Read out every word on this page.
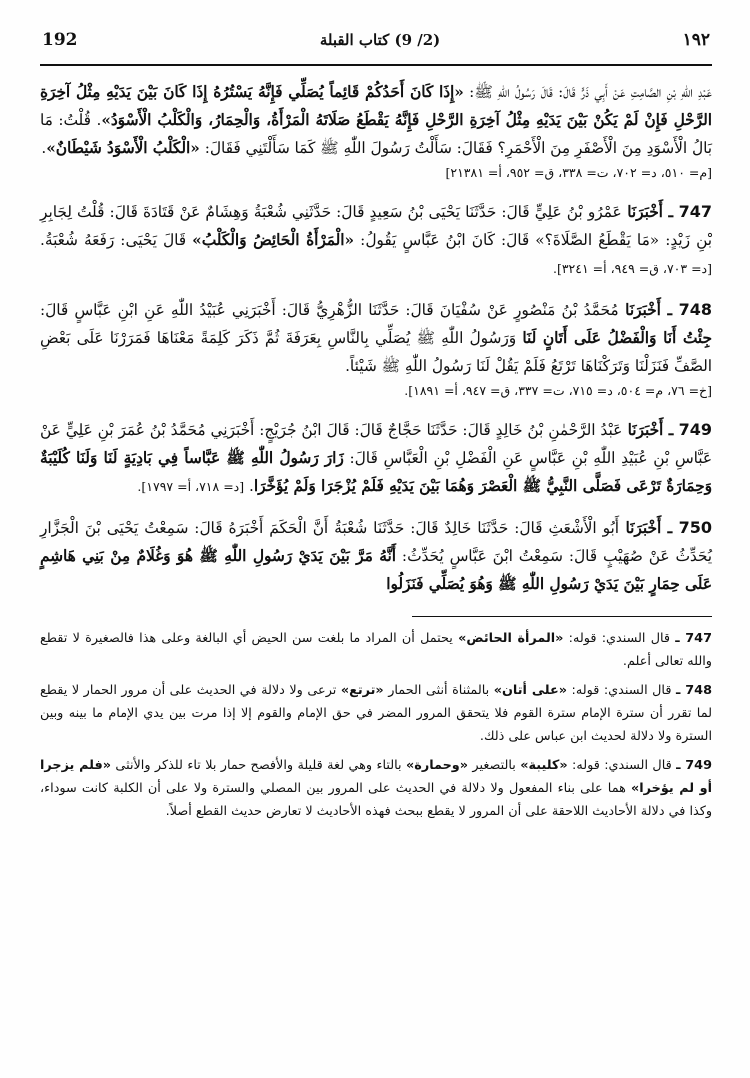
192	(2/ 9) كتاب القبلة	١٩٢

عَبْدِ اللّٰهِ بْنِ الصَّامِتِ عَنْ أَبِي ذَرٍّ قَالَ: قَالَ رَسُولُ اللّٰهِ ﷺ: «إِذَا كَانَ أَحَدُكُمْ قَائِماً يُصَلِّي فَإِنَّهُ يَسْتُرُهُ إِذَا كَانَ بَيْنَ يَدَيْهِ مِثْلُ آخِرَةِ الرَّحْلِ فَإِنْ لَمْ يَكُنْ بَيْنَ يَدَيْهِ مِثْلُ آخِرَةِ الرَّحْلِ فَإِنَّهُ يَقْطَعُ صَلَاتَهُ الْمَرْأَةُ، وَالْحِمَارُ، وَالْكَلْبُ الْأَسْوَدُ». قُلْتُ: مَا بَالُ الْأَسْوَدِ مِنَ الْأَصْفَرِ مِنَ الْأَحْمَرِ؟ فَقَالَ: سَأَلْتُ رَسُولَ اللّٰهِ ﷺ كَمَا سَأَلْتَنِي فَقَالَ: «الْكَلْبُ الْأَسْوَدُ شَيْطَانٌ».

[م= ٥١٠، د= ٧٠٢، ت= ٣٣٨، ق= ٩٥٢، أ= ٢١٣٨١]

747 ـ أَخْبَرَنَا عَمْرُو بْنُ عَلِيٍّ قَالَ: حَدَّثَنَا يَحْيَى بْنُ سَعِيدٍ قَالَ: حَدَّثَنِي شُعْبَةُ وَهِشَامٌ عَنْ قَتَادَةَ قَالَ: قُلْتُ لِجَابِرِ بْنِ زَيْدٍ: «مَا يَقْطَعُ الصَّلَاةَ؟» قَالَ: كَانَ ابْنُ عَبَّاسٍ يَقُولُ: «الْمَرْأَةُ الْحَائِضُ وَالْكَلْبُ» قَالَ يَحْيَى: رَفَعَهُ شُعْبَةُ. [د= ٧٠٣، ق= ٩٤٩، أ= ٣٢٤١].

748 ـ أَخْبَرَنَا مُحَمَّدُ بْنُ مَنْصُورٍ عَنْ سُفْيَانَ قَالَ: حَدَّثَنَا الزُّهْرِيُّ قَالَ: أَخْبَرَنِي عُبَيْدُ اللّٰهِ عَنِ ابْنِ عَبَّاسٍ قَالَ: جِئْتُ أَنَا وَالْفَضْلُ عَلَى أَتَانٍ لَنَا وَرَسُولُ اللّٰهِ ﷺ يُصَلِّي بِالنَّاسِ بِعَرَفَةَ ثُمَّ ذَكَرَ كَلِمَةً مَعْنَاهَا فَمَرَرْنَا عَلَى بَعْضِ الصَّفِّ فَنَزَلْنَا وَتَرَكْنَاهَا تَرْتَعُ فَلَمْ يَقُلْ لَنَا رَسُولُ اللّٰهِ ﷺ شَيْئاً.

[خ= ٧٦، م= ٥٠٤، د= ٧١٥، ت= ٣٣٧، ق= ٩٤٧، أ= ١٨٩١].

749 ـ أَخْبَرَنَا عَبْدُ الرَّحْمٰنِ بْنُ خَالِدٍ قَالَ: حَدَّثَنَا حَجَّاجٌ قَالَ: قَالَ ابْنُ جُرَيْجٍ: أَخْبَرَنِي مُحَمَّدُ بْنُ عُمَرَ بْنِ عَلِيٍّ عَنْ عَبَّاسِ بْنِ عُبَيْدِ اللّٰهِ بْنِ عَبَّاسٍ عَنِ الْفَضْلِ بْنِ الْعَبَّاسِ قَالَ: زَارَ رَسُولُ اللّٰهِ ﷺ عَبَّاساً فِي بَادِيَةٍ لَنَا وَلَنَا كُلَيْبَةٌ وَحِمَارَةٌ تَرْعَى فَصَلَّى النَّبِيُّ ﷺ الْعَصْرَ وَهُمَا بَيْنَ يَدَيْهِ فَلَمْ يُزْجَرَا وَلَمْ يُؤَخَّرَا. [د= ٧١٨، أ= ١٧٩٧].

750 ـ أَخْبَرَنَا أَبُو الْأَشْعَثِ قَالَ: حَدَّثَنَا خَالِدٌ قَالَ: حَدَّثَنَا شُعْبَةُ أَنَّ الْحَكَمَ أَخْبَرَهُ قَالَ: سَمِعْتُ يَحْيَى بْنَ الْجَزَّارِ يُحَدِّثُ عَنْ صُهَيْبٍ قَالَ: سَمِعْتُ ابْنَ عَبَّاسٍ يُحَدِّثُ: أَنَّهُ مَرَّ بَيْنَ يَدَيْ رَسُولِ اللّٰهِ ﷺ هُوَ وَغُلَامٌ مِنْ بَنِي هَاشِمٍ عَلَى حِمَارٍ بَيْنَ يَدَيْ رَسُولِ اللّٰهِ ﷺ وَهُوَ يُصَلِّي فَنَزَلُوا

747 ـ قال السندي: قوله: «المرأة الحائض» يحتمل أن المراد ما بلغت سن الحيض أي البالغة وعلى هذا فالصغيرة لا تقطع والله تعالى أعلم.

748 ـ قال السندي: قوله: «على أتان» بالمثناة أنثى الحمار «ترتع» ترعى ولا دلالة في الحديث على أن مرور الحمار لا يقطع لما تقرر أن سترة الإمام سترة القوم فلا يتحقق المرور المضر في حق الإمام والقوم إلا إذا مرت بين يدي الإمام ما بينه وبين السترة ولا دلالة لحديث ابن عباس على ذلك.

749 ـ قال السندي: قوله: «كليبة» بالتصغير «وحمارة» بالتاء وهي لغة قليلة والأفصح حمار بلا تاء للذكر والأنثى «فلم يزجرا أو لم يؤخرا» هما على بناء المفعول ولا دلالة في الحديث على المرور بين المصلي والسترة ولا على أن الكلبة كانت سوداء، وكذا في دلالة الأحاديث اللاحقة على أن المرور لا يقطع ببحث فهذه الأحاديث لا تعارض حديث القطع أصلاً.
